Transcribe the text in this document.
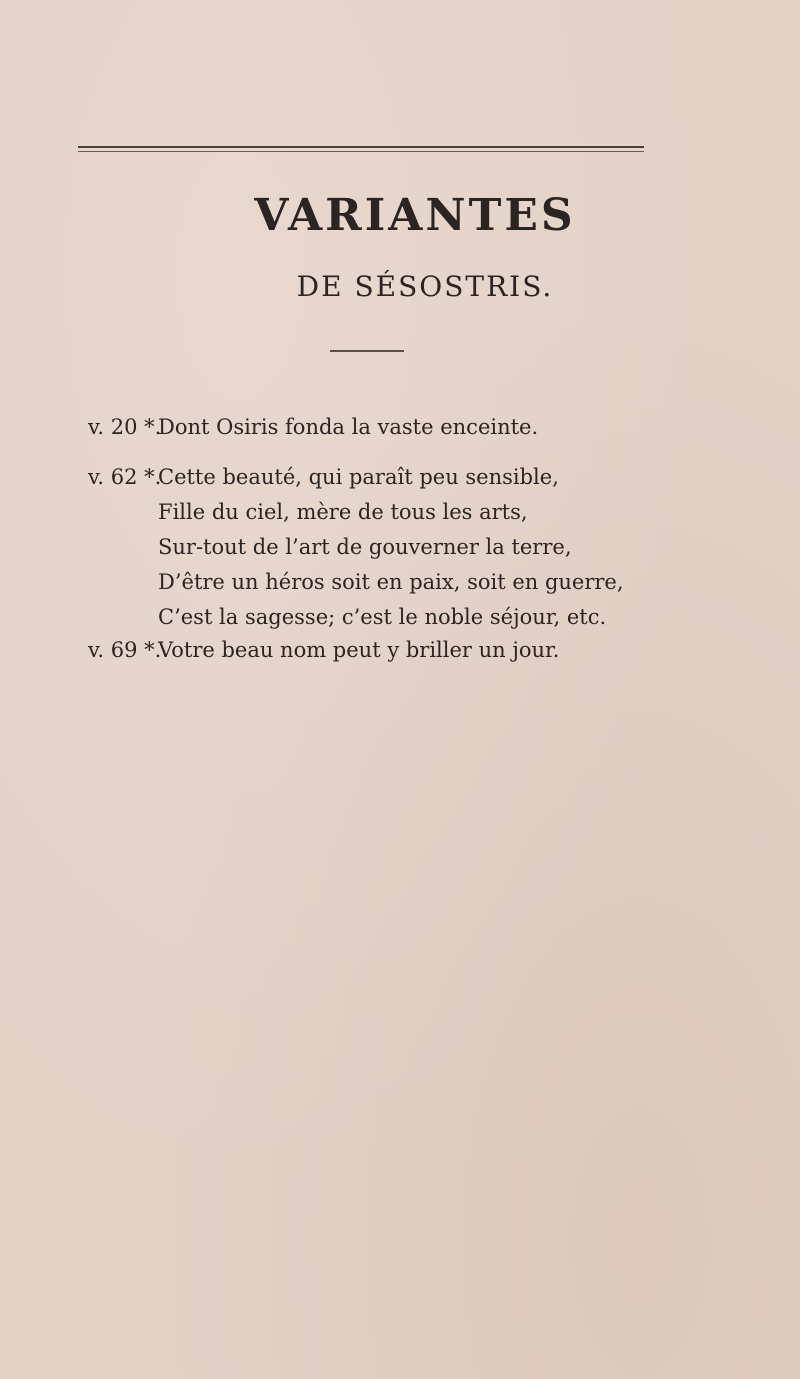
VARIANTES
DE SÉSOSTRIS.
v. 20 *.Dont Osiris fonda la vaste enceinte.
v. 62 *.Cette beauté, qui paraît peu sensible,
Fille du ciel, mère de tous les arts,
Sur-tout de l’art de gouverner la terre,
D’être un héros soit en paix, soit en guerre,
C’est la sagesse; c’est le noble séjour, etc.
v. 69 *.Votre beau nom peut y briller un jour.
